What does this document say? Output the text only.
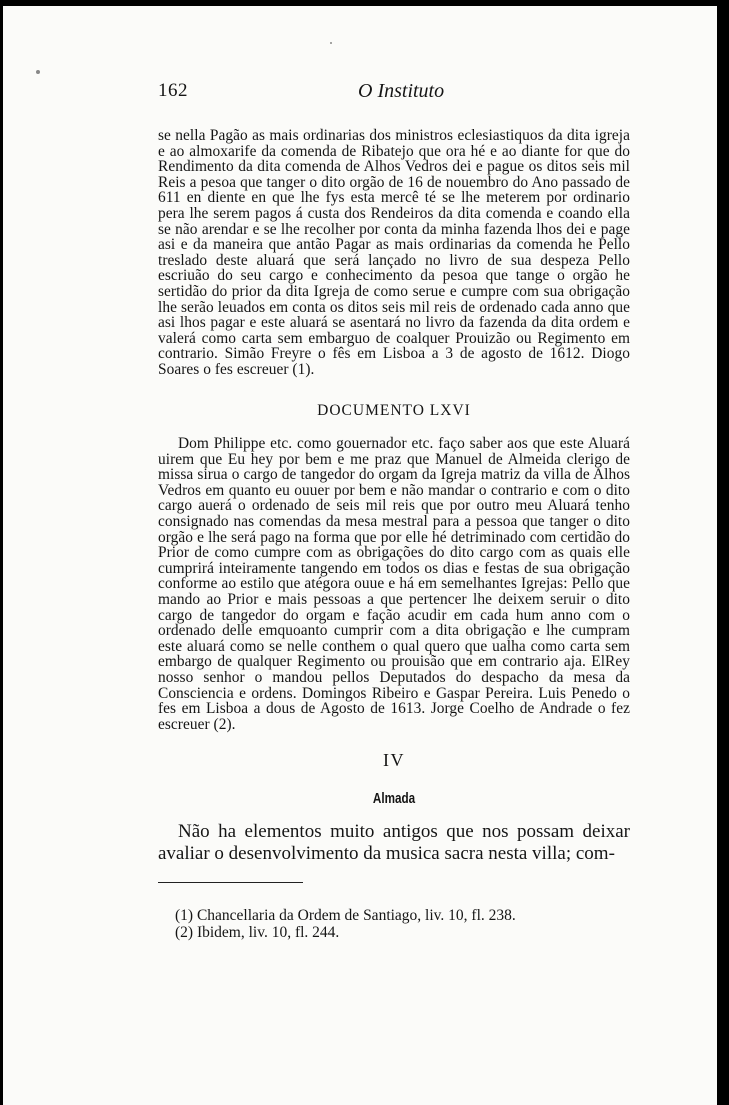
162	O Instituto

se nella Pagão as mais ordinarias dos ministros eclesiastiquos da dita igreja e ao almoxarife da comenda de Ribatejo que ora hé e ao diante for que do Rendimento da dita comenda de Alhos Vedros dei e pague os ditos seis mil Reis a pesoa que tanger o dito orgão de 16 de nouembro do Ano passado de 611 en diente en que lhe fys esta mercê té se lhe meterem por ordinario pera lhe serem pagos á custa dos Rendeiros da dita comenda e coando ella se não arendar e se lhe recolher por conta da minha fazenda lhos dei e page asi e da maneira que antão Pagar as mais ordinarias da comenda he Pello treslado deste aluará que será lançado no livro de sua despeza Pello escriuão do seu cargo e conhecimento da pesoa que tange o orgão he sertidão do prior da dita Igreja de como serue e cumpre com sua obrigação lhe serão leuados em conta os ditos seis mil reis de ordenado cada anno que asi lhos pagar e este aluará se asentará no livro da fazenda da dita ordem e valerá como carta sem embarguo de coalquer Prouizão ou Regimento em contrario. Simão Freyre o fês em Lisboa a 3 de agosto de 1612. Diogo Soares o fes escreuer (1).

DOCUMENTO LXVI

Dom Philippe etc. como gouernador etc. faço saber aos que este Aluará uirem que Eu hey por bem e me praz que Manuel de Almeida clerigo de missa sirua o cargo de tangedor do orgam da Igreja matriz da villa de Alhos Vedros em quanto eu ouuer por bem e não mandar o contrario e com o dito cargo auerá o ordenado de seis mil reis que por outro meu Aluará tenho consignado nas comendas da mesa mestral para a pessoa que tanger o dito orgão e lhe será pago na forma que por elle hé detriminado com certidão do Prior de como cumpre com as obrigações do dito cargo com as quais elle cumprirá inteiramente tangendo em todos os dias e festas de sua obrigação conforme ao estilo que atégora ouue e há em semelhantes Igrejas: Pello que mando ao Prior e mais pessoas a que pertencer lhe deixem seruir o dito cargo de tangedor do orgam e fação acudir em cada hum anno com o ordenado delle emquoanto cumprir com a dita obrigação e lhe cumpram este aluará como se nelle conthem o qual quero que ualha como carta sem embargo de qualquer Regimento ou prouisão que em contrario aja. ElRey nosso senhor o mandou pellos Deputados do despacho da mesa da Consciencia e ordens. Domingos Ribeiro e Gaspar Pereira. Luis Penedo o fes em Lisboa a dous de Agosto de 1613. Jorge Coelho de Andrade o fez escreuer (2).

IV
Almada

Não ha elementos muito antigos que nos possam deixar avaliar o desenvolvimento da musica sacra nesta villa; com-

(1) Chancellaria da Ordem de Santiago, liv. 10, fl. 238.
(2) Ibidem, liv. 10, fl. 244.
